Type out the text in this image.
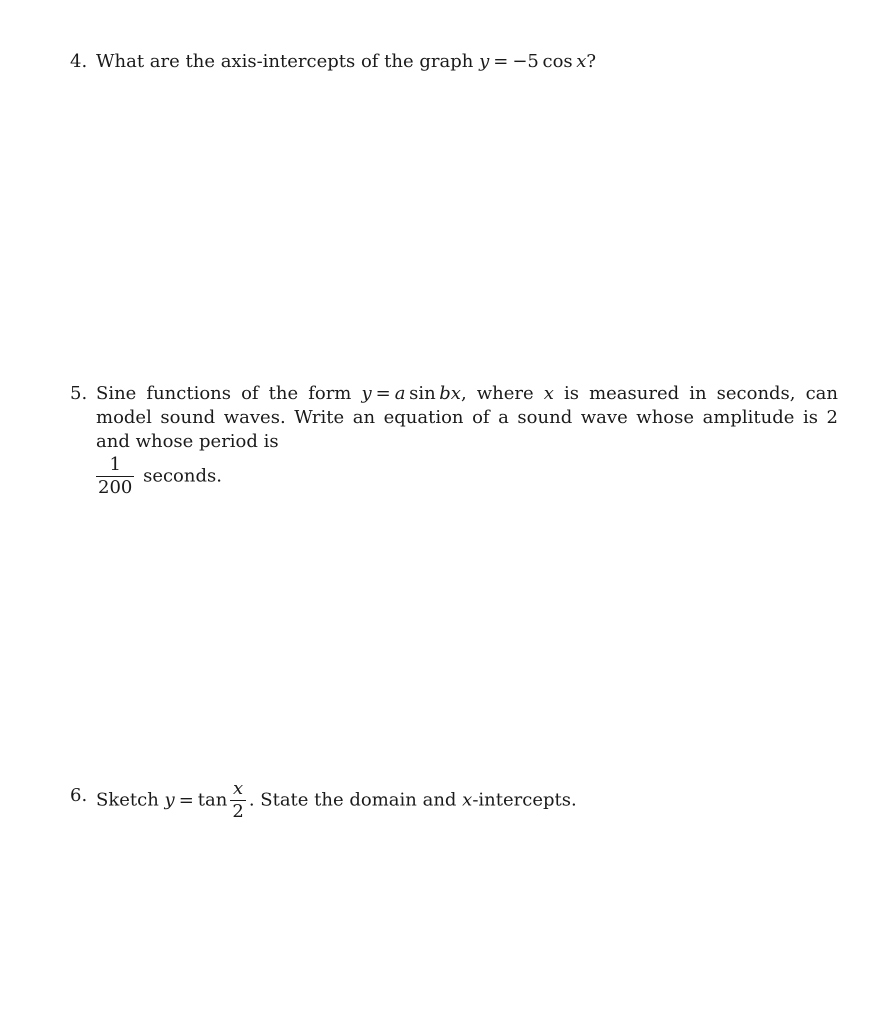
4. What are the axis-intercepts of the graph y = −5  cos  x?
5. Sine functions of the form y = a  sin  bx, where x is measured in seconds, can model sound waves. Write an equation of a sound wave whose amplitude is 2 and whose period is
$\frac{1}{200}$ seconds.
6. Sketch $y = \tan \frac{x}{2}$ . State the domain and x-intercepts.
